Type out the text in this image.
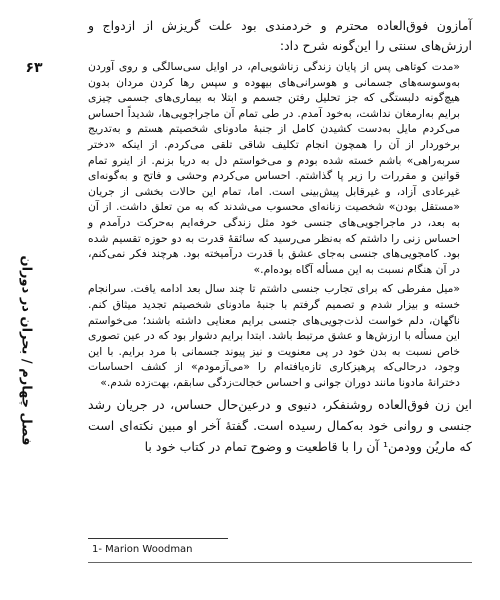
۶۳
فصل چهارم / بحران در دوران

آمازون فوق‌العاده محترم و خردمندی بود علت گریزش از ازدواج و ارزش‌های سنتی را این‌گونه شرح داد:

«مدت کوتاهی پس از پایان زندگی زناشویی‌ام، در اوایل سی‌سالگی و روی آوردن به‌وسوسه‌های جسمانی و هوسرانی‌های بیهوده و سپس رها کردن مردان بدون هیچ‌گونه دلبستگی‌ که جز تحلیل رفتن جسمم و ابتلا به بیماری‌های جسمی چیزی برایم به‌ارمغان نداشت، به‌خود آمدم. در طی تمام آن ماجراجویی‌ها، شدیداً احساس می‌کردم مایل به‌دست کشیدن کامل از جنبهٔ مادونای شخصیتم هستم و به‌تدریج برخوردار از آن را همچون انجام تکلیف شاقی تلقی می‌کردم. از اینکه «دختر سربه‌راهی» باشم خسته شده بودم و می‌خواستم دل به دریا بزنم. از اینرو تمام قوانین و مقررات را زیر پا گذاشتم. احساس می‌کردم وحشی و فاتح و به‌گونه‌ای غیرعادی آزاد، و غیرقابل‌ پیش‌بینی است. اما، تمام این حالات بخشی از جریان «مستقل بودن» شخصیت زنانه‌ای محسوب می‌شدند که به من تعلق داشت. از آن به بعد، در ماجراجویی‌های جنسی خود مثل زندگی حرفه‌ایم به‌حرکت درآمدم و احساس زنی را داشتم که به‌نظر می‌رسید که سائقهٔ قدرت به دو حوزه تقسیم شده بود. کامجویی‌های جنسی به‌جای عشق با قدرت درآمیخته بود. هرچند فکر نمی‌کنم، در آن هنگام نسبت به این مسأله آگاه بوده‌ام.»

«میل مفرطی که برای تجارب جنسی داشتم تا چند سال بعد ادامه یافت. سرانجام خسته و بیزار شدم و تصمیم گرفتم با جنبهٔ مادونای شخصیتم تجدید میثاق کنم. ناگهان، دلم خواست لذت‌جویی‌های جنسی برایم معنایی داشته باشند؛ می‌خواستم این مسأله با ارزش‌ها و عشق مرتبط باشد. ابتدا برایم دشوار بود که در عین تصوری خاص نسبت به بدن خود در پی معنویت و نیز پیوند جسمانی با مرد برایم. با این وجود، درحالی‌که پرهیزکاری تازه‌یافته‌ام را «می‌آزمودم» از کشف احساسات دخترانهٔ مادونا مانند دوران جوانی و احساس خجالت‌زدگی سابقم، بهت‌زده شدم.»

این زن فوق‌العاده روشنفکر، دنیوی و درعین‌حال حساس، در جریان رشد جنسی و روانی خود به‌کمال رسیده است. گفتهٔ آخر او مبین نکته‌ای است که ماریُن وودمن¹ آن را با قاطعیت و وضوح تمام در کتاب خود با

1- Marion Woodman
